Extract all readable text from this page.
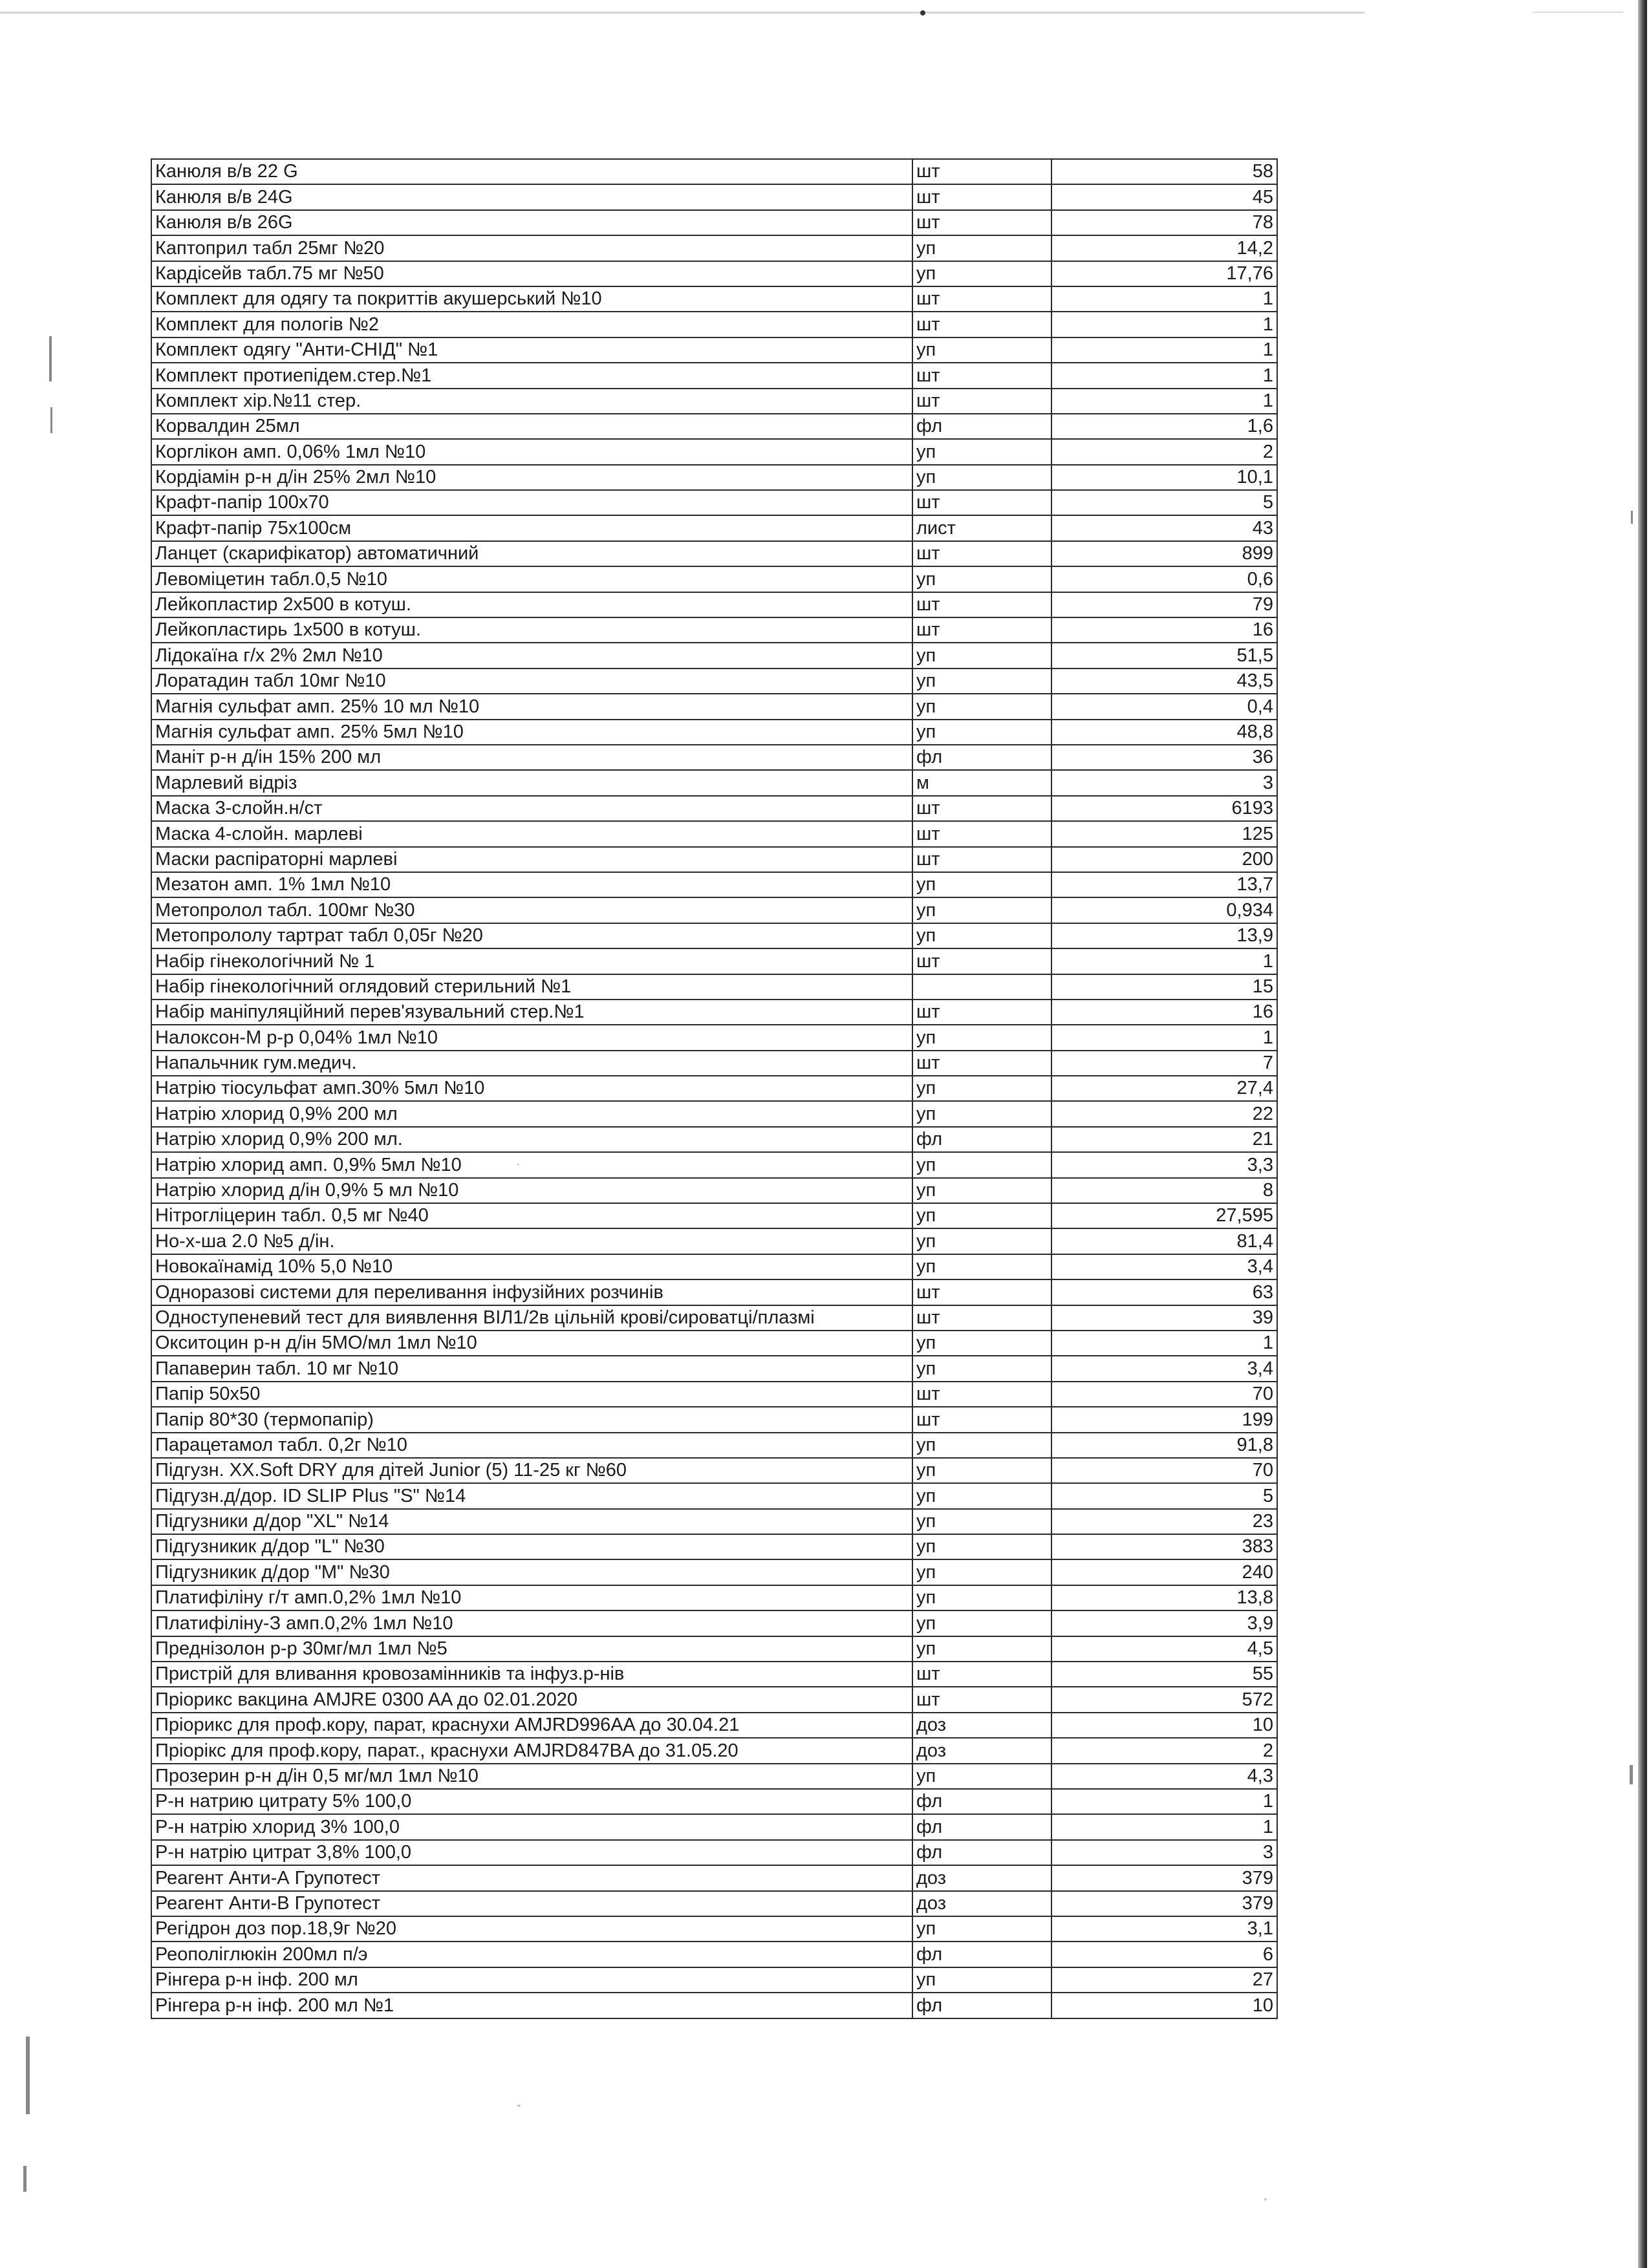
Канюля в/в 22 G	шт	58
Канюля в/в 24G	шт	45
Канюля в/в 26G	шт	78
Каптоприл табл 25мг №20	уп	14,2
Кардісейв табл.75 мг №50	уп	17,76
Комплект для одягу та покриттів акушерський №10	шт	1
Комплект для пологів №2	шт	1
Комплект одягу "Анти-СНІД" №1	уп	1
Комплект протиепідем.стер.№1	шт	1
Комплект хір.№11 стер.	шт	1
Корвалдин 25мл	фл	1,6
Корглікон амп. 0,06% 1мл №10	уп	2
Кордіамін р-н д/ін 25% 2мл №10	уп	10,1
Крафт-папір 100х70	шт	5
Крафт-папір 75х100см	лист	43
Ланцет (скарифікатор) автоматичний	шт	899
Левоміцетин табл.0,5 №10	уп	0,6
Лейкопластир 2х500 в котуш.	шт	79
Лейкопластирь 1х500 в котуш.	шт	16
Лідокаїна г/х 2% 2мл №10	уп	51,5
Лоратадин табл 10мг №10	уп	43,5
Магнія сульфат амп. 25% 10 мл №10	уп	0,4
Магнія сульфат амп. 25% 5мл №10	уп	48,8
Маніт р-н д/ін 15% 200 мл	фл	36
Марлевий відріз	м	3
Маска 3-слойн.н/ст	шт	6193
Маска 4-слойн. марлеві	шт	125
Маски распіраторні марлеві	шт	200
Мезатон амп. 1% 1мл №10	уп	13,7
Метопролол табл. 100мг №30	уп	0,934
Метопрололу тартрат табл 0,05г №20	уп	13,9
Набір гінекологічний № 1	шт	1
Набір гінекологічний оглядовий стерильний №1		15
Набір маніпуляційний перев'язувальний стер.№1	шт	16
Налоксон-М р-р 0,04% 1мл №10	уп	1
Напальчник гум.медич.	шт	7
Натрію тіосульфат амп.30% 5мл №10	уп	27,4
Натрію хлорид 0,9% 200 мл	уп	22
Натрію хлорид 0,9% 200 мл.	фл	21
Натрію хлорид амп. 0,9% 5мл №10	уп	3,3
Натрію хлорид д/ін 0,9% 5 мл №10	уп	8
Нітрогліцерин табл. 0,5 мг №40	уп	27,595
Но-х-ша 2.0 №5 д/ін.	уп	81,4
Новокаїнамід 10% 5,0 №10	уп	3,4
Одноразові системи для переливання інфузійних розчинів	шт	63
Одноступеневий тест для виявлення ВІЛ1/2в цільній крові/сироватці/плазмі	шт	39
Окситоцин р-н д/ін 5МО/мл 1мл №10	уп	1
Папаверин табл. 10 мг №10	уп	3,4
Папір 50х50	шт	70
Папір 80*30 (термопапір)	шт	199
Парацетамол табл. 0,2г №10	уп	91,8
Підгузн. XX.Soft DRY для дітей Junior (5) 11-25 кг №60	уп	70
Підгузн.д/дор. ID SLIP Plus "S" №14	уп	5
Підгузники д/дор "XL" №14	уп	23
Підгузникик д/дор "L" №30	уп	383
Підгузникик д/дор "M" №30	уп	240
Платифіліну г/т амп.0,2% 1мл №10	уп	13,8
Платифіліну-З амп.0,2% 1мл №10	уп	3,9
Преднізолон р-р 30мг/мл 1мл №5	уп	4,5
Пристрій для вливання кровозамінників та інфуз.р-нів	шт	55
Пріорикс вакцина AMJRE 0300 AA до 02.01.2020	шт	572
Пріорикс для проф.кору, парат, краснухи AMJRD996AA до 30.04.21	доз	10
Пріорікс для проф.кору, парат., краснухи AMJRD847BA до 31.05.20	доз	2
Прозерин р-н д/ін 0,5 мг/мл 1мл №10	уп	4,3
Р-н натрию цитрату 5% 100,0	фл	1
Р-н натрію хлорид 3% 100,0	фл	1
Р-н натрію цитрат 3,8% 100,0	фл	3
Реагент Анти-А Групотест	доз	379
Реагент Анти-В Групотест	доз	379
Регідрон доз пор.18,9г №20	уп	3,1
Реополіглюкін 200мл п/э	фл	6
Рінгера р-н інф. 200 мл	уп	27
Рінгера р-н інф. 200 мл №1	фл	10
